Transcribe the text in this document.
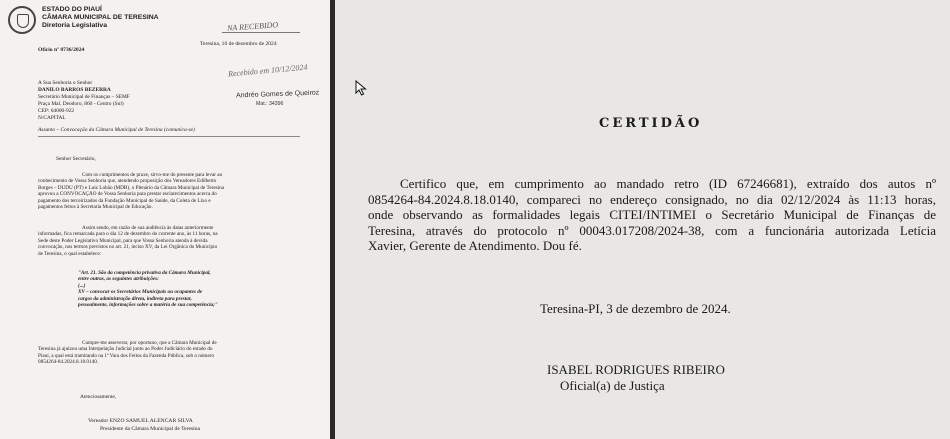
ESTADO DO PIAUÍ
CÂMARA MUNICIPAL DE TERESINA
Diretoria Legislativa	NA RECEBIDO
Teresina, 10 de dezembro de 2024
Ofício nº 0736/2024
A Sua Senhoria o Senhor
DANILO BARROS BEZERRA
Secretário Municipal de Finanças – SEMF
Praça Mal. Deodoro, 860 - Centro (Sul)
CEP: 64000-922
N/CAPITAL
Recebido em 10/12/2024
Andréo Gomes de Queiroz
Mat.: 34396
Assunto – Convocação da Câmara Municipal de Teresina (comunica-se)
Senhor Secretário,
Com os cumprimentos de praxe, sirvo-me do presente para levar ao
conhecimento de Vossa Senhoria que, atendendo proposição dos Vereadores Edilberto
Borges – DUDU (PT) e Luiz Lobão (MDB), o Plenário da Câmara Municipal de Teresina
aprovou a CONVOCAÇÃO de Vossa Senhoria para prestar esclarecimentos acerca do
pagamento dos terceirizados da Fundação Municipal de Saúde, da Coleta de Lixo e
pagamentos feitos à Secretaria Municipal de Educação.
Assim sendo, em razão de sua audiência às datas anteriormente
informadas, fica remarcada para o dia 12 de dezembro do corrente ano, às 11 horas, na
Sede deste Poder Legislativo Municipal, para que Vossa Senhoria atenda à devida
convocação, nos termos previstos no art. 21, inciso XV, da Lei Orgânica do Município
de Teresina, o qual estabelece:
"Art. 21. São da competência privativa da Câmara Municipal,
entre outras, as seguintes atribuições:
(...)
XV – convocar os Secretários Municipais ou ocupantes de
cargos da administração direta, indireta para prestar,
pessoalmente, informações sobre a matéria de sua competência;"
Cumpre-me asseverar, por oportuno, que a Câmara Municipal de
Teresina já ajuizou uma Interpelação Judicial junto ao Poder Judiciário do estado do
Piauí, a qual está tramitando na 1ª Vara dos Feitos da Fazenda Pública, sob o número
0854264-84.2024.8.18.0140.
Atenciosamente,
Vereador ENZO SAMUEL ALENCAR SILVA
Presidente da Câmara Municipal de Teresina
CERTIDÃO
Certifico que, em cumprimento ao mandado retro (ID 67246681), extraído dos autos nº
0854264-84.2024.8.18.0140, compareci no endereço consignado, no dia 02/12/2024 às 11:13 horas,
onde observando as formalidades legais CITEI/INTIMEI o Secretário Municipal de Finanças de
Teresina, através do protocolo nº 00043.017208/2024-38, com a funcionária autorizada Letícia
Xavier, Gerente de Atendimento. Dou fé.
Teresina-PI, 3 de dezembro de 2024.
ISABEL RODRIGUES RIBEIRO
Oficial(a) de Justiça
